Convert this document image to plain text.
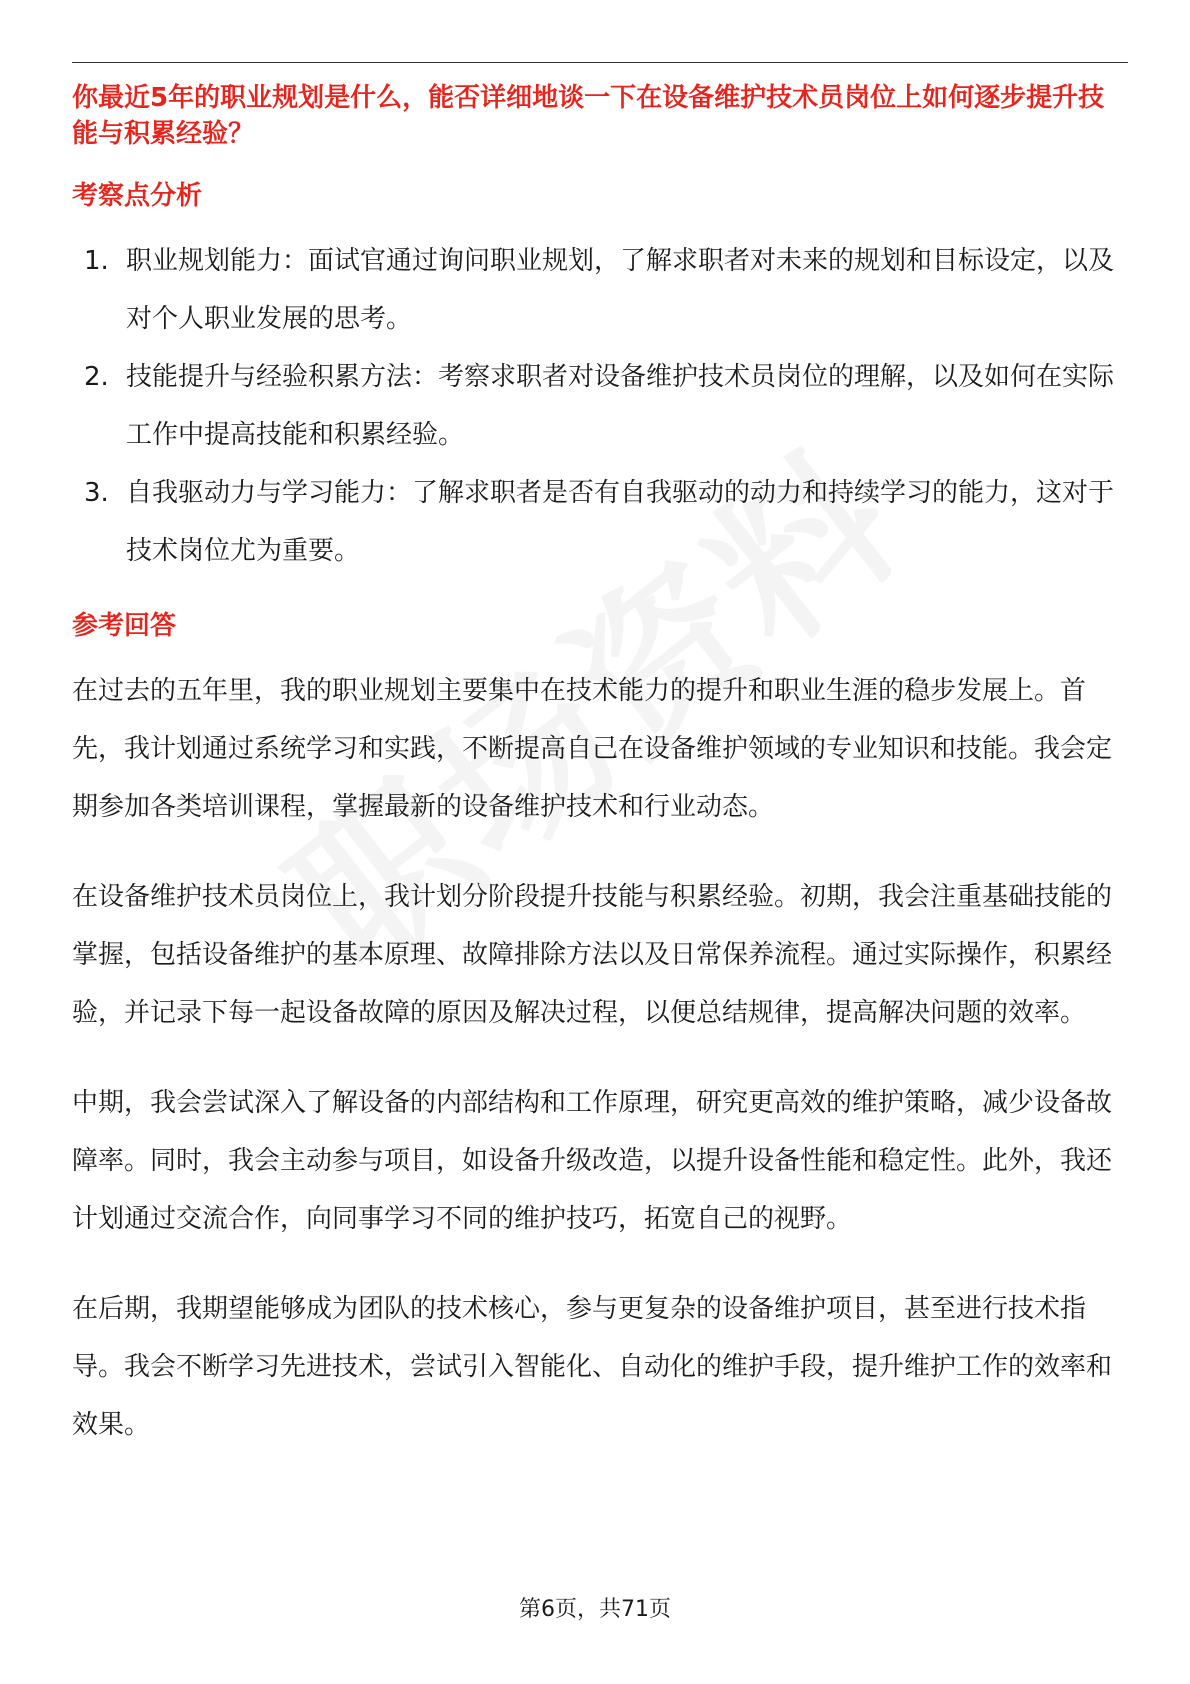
你最近5年的职业规划是什么，能否详细地谈一下在设备维护技术员岗位上如何逐步提升技能与积累经验？

考察点分析

1. 职业规划能力：面试官通过询问职业规划，了解求职者对未来的规划和目标设定，以及对个人职业发展的思考。
2. 技能提升与经验积累方法：考察求职者对设备维护技术员岗位的理解，以及如何在实际工作中提高技能和积累经验。
3. 自我驱动力与学习能力：了解求职者是否有自我驱动的动力和持续学习的能力，这对于技术岗位尤为重要。

参考回答

在过去的五年里，我的职业规划主要集中在技术能力的提升和职业生涯的稳步发展上。首先，我计划通过系统学习和实践，不断提高自己在设备维护领域的专业知识和技能。我会定期参加各类培训课程，掌握最新的设备维护技术和行业动态。

在设备维护技术员岗位上，我计划分阶段提升技能与积累经验。初期，我会注重基础技能的掌握，包括设备维护的基本原理、故障排除方法以及日常保养流程。通过实际操作，积累经验，并记录下每一起设备故障的原因及解决过程，以便总结规律，提高解决问题的效率。

中期，我会尝试深入了解设备的内部结构和工作原理，研究更高效的维护策略，减少设备故障率。同时，我会主动参与项目，如设备升级改造，以提升设备性能和稳定性。此外，我还计划通过交流合作，向同事学习不同的维护技巧，拓宽自己的视野。

在后期，我期望能够成为团队的技术核心，参与更复杂的设备维护项目，甚至进行技术指导。我会不断学习先进技术，尝试引入智能化、自动化的维护手段，提升维护工作的效率和效果。

第6页，共71页
